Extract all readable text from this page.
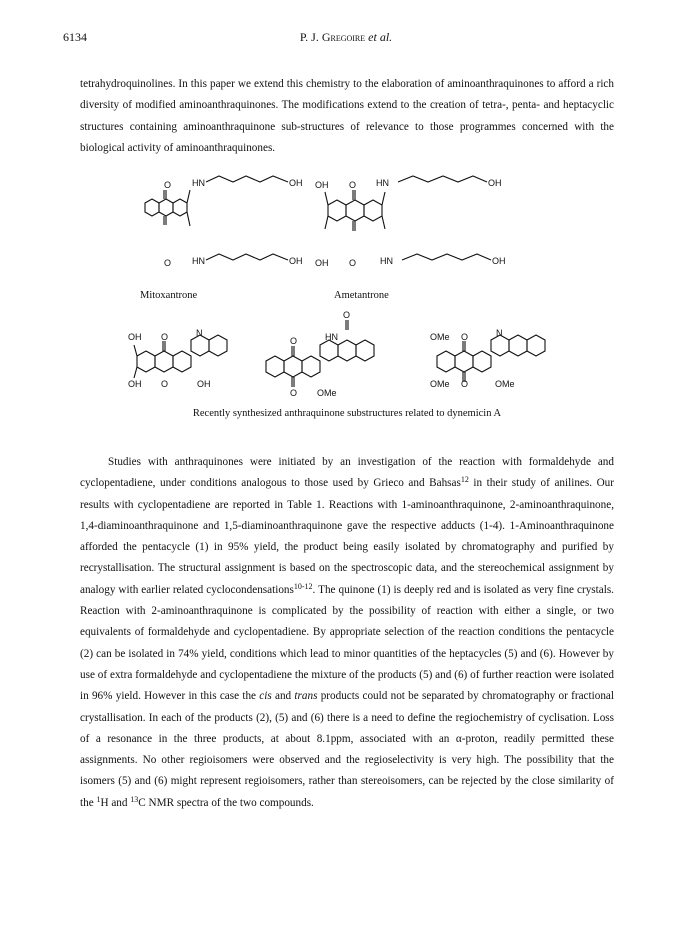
6134	P. J. Gregoire et al.

tetrahydroquinolines. In this paper we extend this chemistry to the elaboration of aminoanthraquinones to afford a rich diversity of modified aminoanthraquinones. The modifications extend to the creation of tetra-, penta- and heptacyclic structures containing aminoanthraquinone sub-structures of relevance to those programmes concerned with the biological activity of aminoanthraquinones.

O HN	OH
O HN	OH
OH O HN	OH
OH O	HN	OH
OH O	N
OH O	OH
O	HN
O
O OMe
OMe O	N
OMe O	OMe
Mitoxantrone	Ametantrone
Recently synthesized anthraquinone substructures related to dynemicin A

Studies with anthraquinones were initiated by an investigation of the reaction with formaldehyde and cyclopentadiene, under conditions analogous to those used by Grieco and Bahsas$^{12}$ in their study of anilines. Our results with cyclopentadiene are reported in Table 1. Reactions with 1-aminoanthraquinone, 2-aminoanthraquinone, 1,4-diaminoanthraquinone and 1,5-diaminoanthraquinone gave the respective adducts (1-4). 1-Aminoanthraquinone afforded the pentacycle (1) in 95% yield, the product being easily isolated by chromatography and purified by recrystallisation. The structural assignment is based on the spectroscopic data, and the stereochemical assignment by analogy with earlier related cyclocondensations$^{10-12}$. The quinone (1) is deeply red and is isolated as very fine crystals. Reaction with 2-aminoanthraquinone is complicated by the possibility of reaction with either a single, or two equivalents of formaldehyde and cyclopentadiene. By appropriate selection of the reaction conditions the pentacycle (2) can be isolated in 74% yield, conditions which lead to minor quantities of the heptacycles (5) and (6). However by use of extra formaldehyde and cyclopentadiene the mixture of the products (5) and (6) of further reaction were isolated in 96% yield. However in this case the cis and trans products could not be separated by chromatography or fractional crystallisation. In each of the products (2), (5) and (6) there is a need to define the regiochemistry of cyclisation. Loss of a resonance in the three products, at about 8.1ppm, associated with an α-proton, readily permitted these assignments. No other regioisomers were observed and the regioselectivity is very high. The possibility that the isomers (5) and (6) might represent regioisomers, rather than stereoisomers, can be rejected by the close similarity of the $^1$H and $^{13}$C NMR spectra of the two compounds.
